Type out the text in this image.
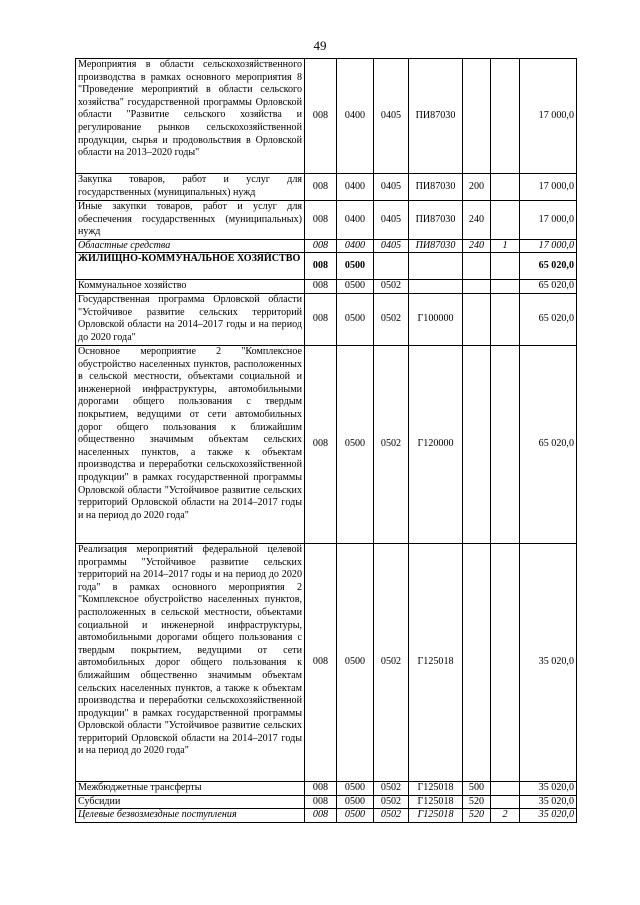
49
Мероприятия в области сельскохозяйственного производства в рамках основного мероприятия 8 "Проведение мероприятий в области сельского хозяйства" государственной программы Орловской области "Развитие сельского хозяйства и регулирование рынков сельскохозяйственной продукции, сырья и продовольствия в Орловской области на 2013–2020 годы"	008	0400	0405	ПИ87030			17 000,0
Закупка товаров, работ и услуг для государственных (муниципальных) нужд	008	0400	0405	ПИ87030	200		17 000,0
Иные закупки товаров, работ и услуг для обеспечения государственных (муниципальных) нужд	008	0400	0405	ПИ87030	240		17 000,0
Областные средства	008	0400	0405	ПИ87030	240	1	17 000,0
ЖИЛИЩНО-КОММУНАЛЬНОЕ ХОЗЯЙСТВО	008	0500					65 020,0
Коммунальное хозяйство	008	0500	0502				65 020,0
Государственная программа Орловской области "Устойчивое развитие сельских территорий Орловской области на 2014–2017 годы и на период до 2020 года"	008	0500	0502	Г100000			65 020,0
Основное мероприятие 2 "Комплексное обустройство населенных пунктов, расположенных в сельской местности, объектами социальной и инженерной инфраструктуры, автомобильными дорогами общего пользования с твердым покрытием, ведущими от сети автомобильных дорог общего пользования к ближайшим общественно значимым объектам сельских населенных пунктов, а также к объектам производства и переработки сельскохозяйственной продукции" в рамках государственной программы Орловской области "Устойчивое развитие сельских территорий Орловской области на 2014–2017 годы и на период до 2020 года"	008	0500	0502	Г120000			65 020,0
Реализация мероприятий федеральной целевой программы "Устойчивое развитие сельских территорий на 2014–2017 годы и на период до 2020 года" в рамках основного мероприятия 2 "Комплексное обустройство населенных пунктов, расположенных в сельской местности, объектами социальной и инженерной инфраструктуры, автомобильными дорогами общего пользования с твердым покрытием, ведущими от сети автомобильных дорог общего пользования к ближайшим общественно значимым объектам сельских населенных пунктов, а также к объектам производства и переработки сельскохозяйственной продукции" в рамках государственной программы Орловской области "Устойчивое развитие сельских территорий Орловской области на 2014–2017 годы и на период до 2020 года"	008	0500	0502	Г125018			35 020,0
Межбюджетные трансферты	008	0500	0502	Г125018	500		35 020,0
Субсидии	008	0500	0502	Г125018	520		35 020,0
Целевые безвозмездные поступления	008	0500	0502	Г125018	520	2	35 020,0
